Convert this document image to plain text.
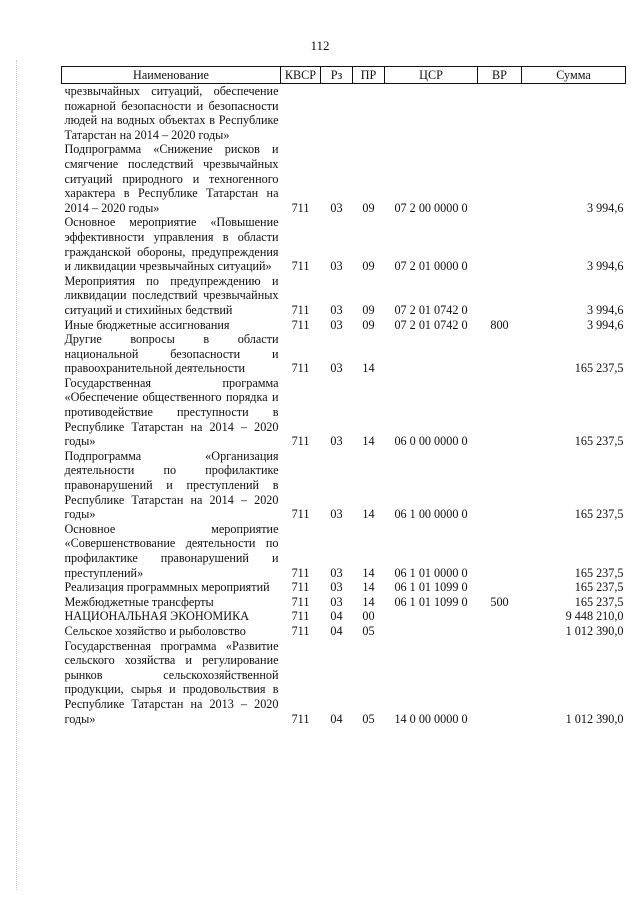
112
Наименование	КВСР	Рз	ПР	ЦСР	ВР	Сумма
чрезвычайных ситуаций, обеспечение пожарной безопасности и безопасности людей на водных объектах в Республике Татарстан на 2014 – 2020 годы»						
Подпрограмма «Снижение рисков и смягчение последствий чрезвычайных ситуаций природного и техногенного характера в Республике Татарстан на 2014 – 2020 годы»	711	03	09	07 2 00 0000 0		3 994,6
Основное мероприятие «Повышение эффективности управления в области гражданской обороны, предупреждения и ликвидации чрезвычайных ситуаций»	711	03	09	07 2 01 0000 0		3 994,6
Мероприятия по предупреждению и ликвидации последствий чрезвычайных ситуаций и стихийных бедствий	711	03	09	07 2 01 0742 0		3 994,6
Иные бюджетные ассигнования	711	03	09	07 2 01 0742 0	800	3 994,6
Другие вопросы в области национальной безопасности и правоохранительной деятельности	711	03	14			165 237,5
Государственная программа «Обеспечение общественного порядка и противодействие преступности в Республике Татарстан на 2014 – 2020 годы»	711	03	14	06 0 00 0000 0		165 237,5
Подпрограмма «Организация деятельности по профилактике правонарушений и преступлений в Республике Татарстан на 2014 – 2020 годы»	711	03	14	06 1 00 0000 0		165 237,5
Основное мероприятие «Совершенствование деятельности по профилактике правонарушений и преступлений»	711	03	14	06 1 01 0000 0		165 237,5
Реализация программных мероприятий	711	03	14	06 1 01 1099 0		165 237,5
Межбюджетные трансферты	711	03	14	06 1 01 1099 0	500	165 237,5
НАЦИОНАЛЬНАЯ ЭКОНОМИКА	711	04	00			9 448 210,0
Сельское хозяйство и рыболовство	711	04	05			1 012 390,0
Государственная программа «Развитие сельского хозяйства и регулирование рынков сельскохозяйственной продукции, сырья и продовольствия в Республике Татарстан на 2013 – 2020 годы»	711	04	05	14 0 00 0000 0		1 012 390,0
